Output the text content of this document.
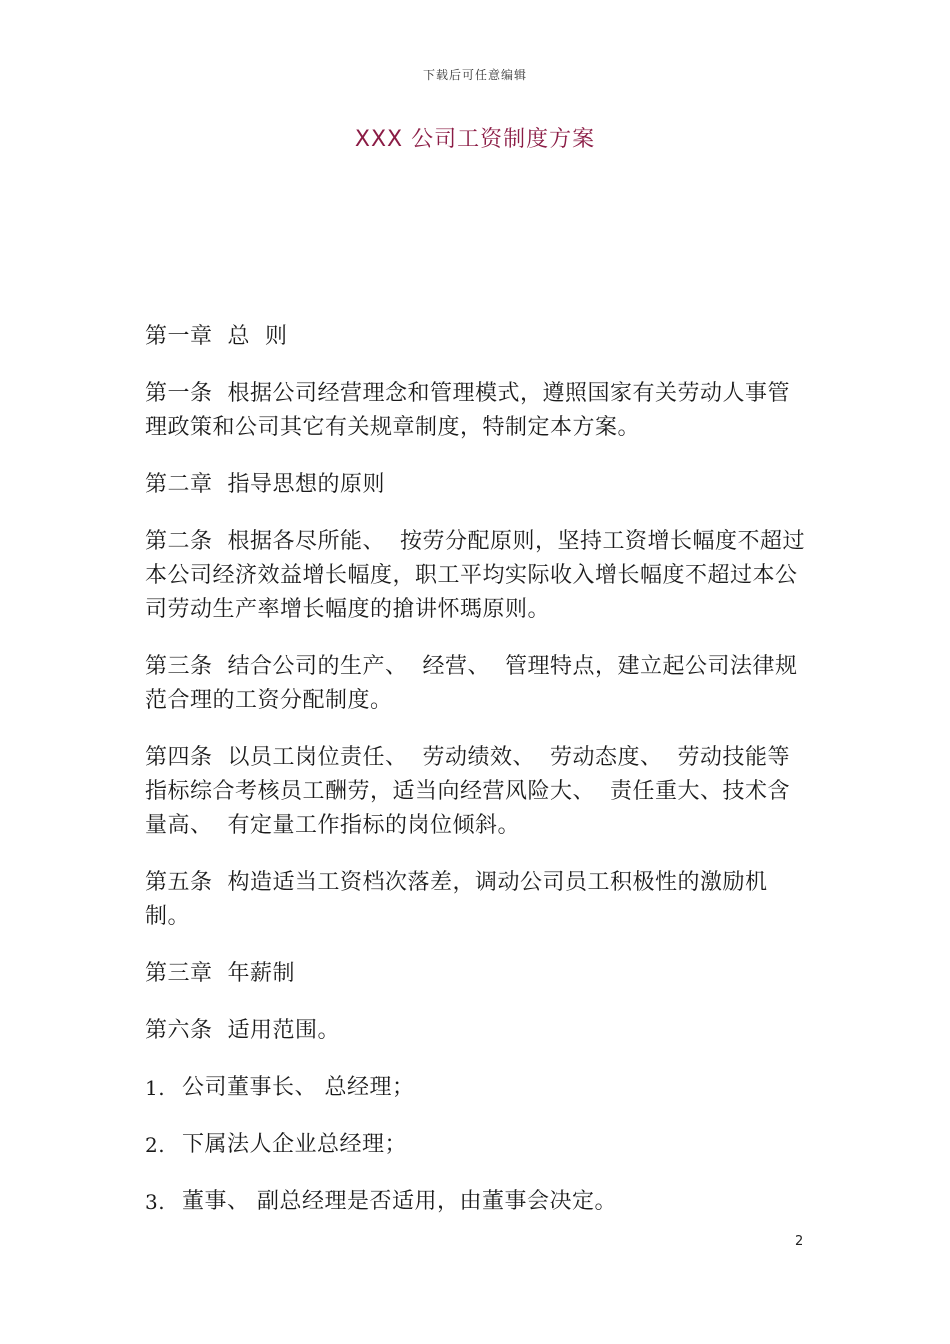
下载后可任意编辑
XXX 公司工资制度方案

第一章  总  则

第一条  根据公司经营理念和管理模式，遵照国家有关劳动人事管理政策和公司其它有关规章制度，特制定本方案。

第二章  指导思想的原则

第二条  根据各尽所能、  按劳分配原则，坚持工资增长幅度不超过本公司经济效益增长幅度，职工平均实际收入增长幅度不超过本公司劳动生产率增长幅度的搶讲怀瑪原则。

第三条  结合公司的生产、  经营、  管理特点，建立起公司法律规范合理的工资分配制度。

第四条  以员工岗位责任、  劳动绩效、  劳动态度、  劳动技能等指标综合考核员工酬劳，适当向经营风险大、  责任重大、技术含量高、  有定量工作指标的岗位倾斜。

第五条  构造适当工资档次落差，调动公司员工积极性的激励机制。

第三章  年薪制

第六条  适用范围。

1. 公司董事长、 总经理；
2. 下属法人企业总经理；
3. 董事、 副总经理是否适用，由董事会决定。
2
